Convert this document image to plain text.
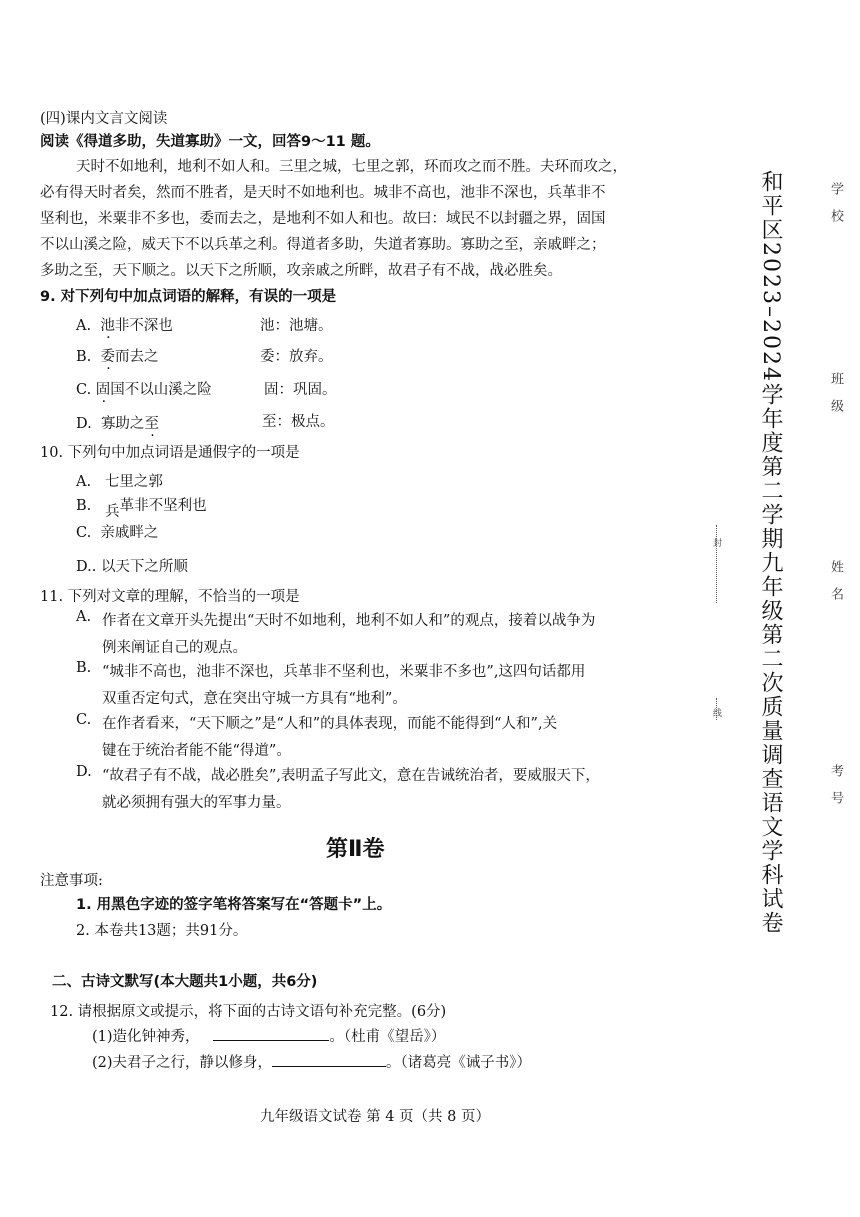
(四)课内文言文阅读
阅读《得道多助，失道寡助》一文，回答9～11 题。
天时不如地利，地利不如人和。三里之城，七里之郭，环而攻之而不胜。夫环而攻之，
必有得天时者矣，然而不胜者，是天时不如地利也。城非不高也，池非不深也，兵革非不
坚利也，米粟非不多也，委而去之，是地利不如人和也。故曰：域民不以封疆之界，固国
不以山溪之险，威天下不以兵革之利。得道者多助，失道者寡助。寡助之至，亲戚畔之；
多助之至，天下顺之。以天下之所顺，攻亲戚之所畔，故君子有不战，战必胜矣。
9. 对下列句中加点词语的解释，有误的一项是
A. 池非不深也	池：池塘。
B. 委而去之	委：放弃。
C. 固国不以山溪之险	固：巩固。
D. 寡助之至	至：极点。
10. 下列句中加点词语是通假字的一项是
A. 七里之郭
B. 兵革非不坚利也
C. 亲戚畔之
D.. 以天下之所顺
11. 下列对文章的理解，不恰当的一项是
A. 作者在文章开头先提出“天时不如地利，地利不如人和”的观点，接着以战争为
例来阐证自己的观点。
B. “城非不高也，池非不深也，兵革非不坚利也，米粟非不多也”,这四句话都用
双重否定句式，意在突出守城一方具有“地利”。
C. 在作者看来，“天下顺之”是“人和”的具体表现，而能不能得到“人和”,关
键在于统治者能不能“得道”。
D. “故君子有不战，战必胜矣”,表明孟子写此文，意在告诫统治者，要威服天下，
就必须拥有强大的军事力量。
第Ⅱ卷
注意事项:
1. 用黑色字迹的签字笔将答案写在“答题卡”上。
2. 本卷共13题；共91分。
二、古诗文默写(本大题共1小题，共6分)
12. 请根据原文或提示，将下面的古诗文语句补充完整。(6分)
(1)造化钟神秀，	。（杜甫《望岳》）
(2)夫君子之行，静以修身，	。（诸葛亮《诫子书》）
九年级语文试卷 第 4 页（共 8 页）
和平区2023–2024学年度第二学期九年级第二次质量调查语文学科试卷	学校
班级
姓名
考号
封
线
